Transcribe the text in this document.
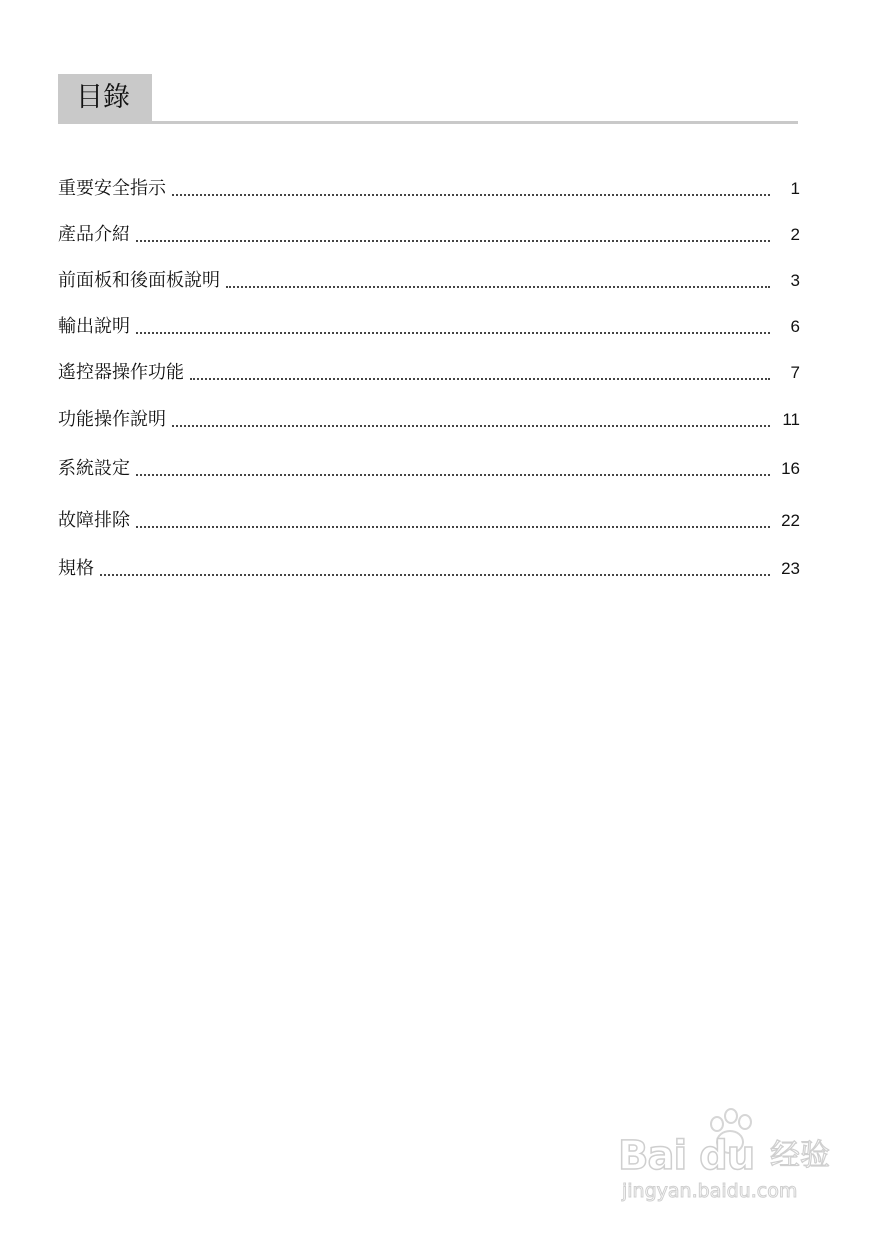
目錄
重要安全指示	1
產品介紹	2
前面板和後面板說明	3
輸出說明	6
遙控器操作功能	7
功能操作說明	11
系統設定	16
故障排除	22
規格	23
Bai du 经验
jingyan.baidu.com
